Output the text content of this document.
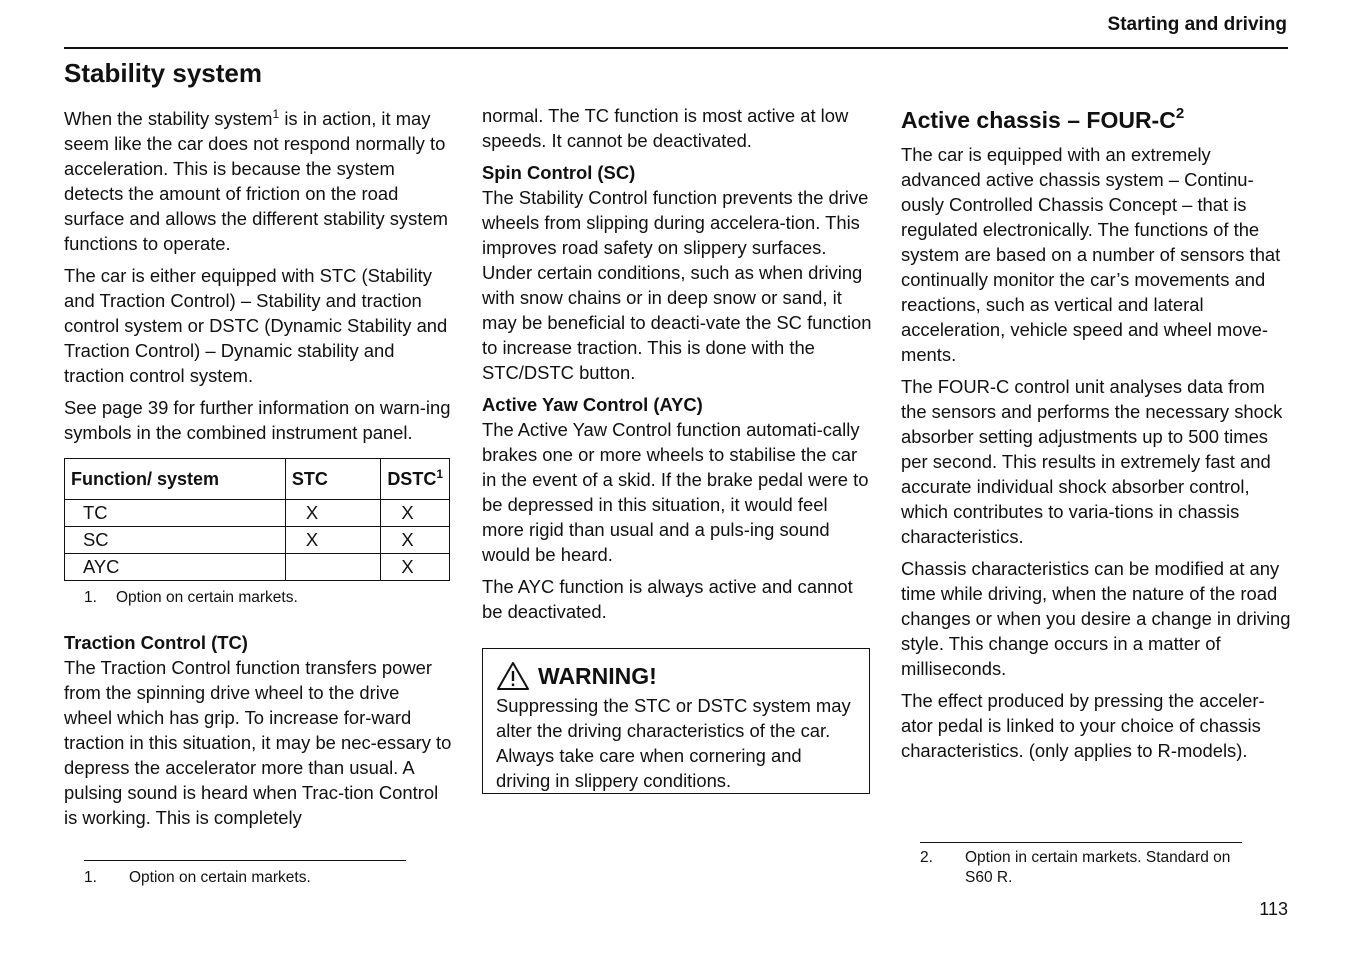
Starting and driving
Stability system

When the stability system$^1$ is in action, it may seem like the car does not respond normally to acceleration. This is because the system detects the amount of friction on the road surface and allows the different stability system functions to operate.

The car is either equipped with STC (Stability and Traction Control) – Stability and traction control system or DSTC (Dynamic Stability and Traction Control) – Dynamic stability and traction control system.

See page 39 for further information on warn-ing symbols in the combined instrument panel.

Function/ system	STC	DSTC$^1$
TC	X	X
SC	X	X
AYC		X
1. Option on certain markets.

Traction Control (TC)
The Traction Control function transfers power from the spinning drive wheel to the drive wheel which has grip. To increase for-ward traction in this situation, it may be nec-essary to depress the accelerator more than usual. A pulsing sound is heard when Trac-tion Control is working. This is completely

normal. The TC function is most active at low speeds. It cannot be deactivated.

Spin Control (SC)
The Stability Control function prevents the drive wheels from slipping during accelera-tion. This improves road safety on slippery surfaces. Under certain conditions, such as when driving with snow chains or in deep snow or sand, it may be beneficial to deacti-vate the SC function to increase traction. This is done with the STC/DSTC button.

Active Yaw Control (AYC)
The Active Yaw Control function automati-cally brakes one or more wheels to stabilise the car in the event of a skid. If the brake pedal were to be depressed in this situation, it would feel more rigid than usual and a puls-ing sound would be heard.

The AYC function is always active and cannot be deactivated.

WARNING!
Suppressing the STC or DSTC system may alter the driving characteristics of the car. Always take care when cornering and driving in slippery conditions.
Active chassis – FOUR-$C^2$

The car is equipped with an extremely advanced active chassis system – Continu-ously Controlled Chassis Concept – that is regulated electronically. The functions of the system are based on a number of sensors that continually monitor the car’s movements and reactions, such as vertical and lateral acceleration, vehicle speed and wheel move-ments.

The FOUR-C control unit analyses data from the sensors and performs the necessary shock absorber setting adjustments up to 500 times per second. This results in extremely fast and accurate individual shock absorber control, which contributes to varia-tions in chassis characteristics.

Chassis characteristics can be modified at any time while driving, when the nature of the road changes or when you desire a change in driving style. This change occurs in a matter of milliseconds.

The effect produced by pressing the acceler-ator pedal is linked to your choice of chassis characteristics. (only applies to R-models).

1. Option on certain markets.
2. Option in certain markets. Standard on S60 R.
113
